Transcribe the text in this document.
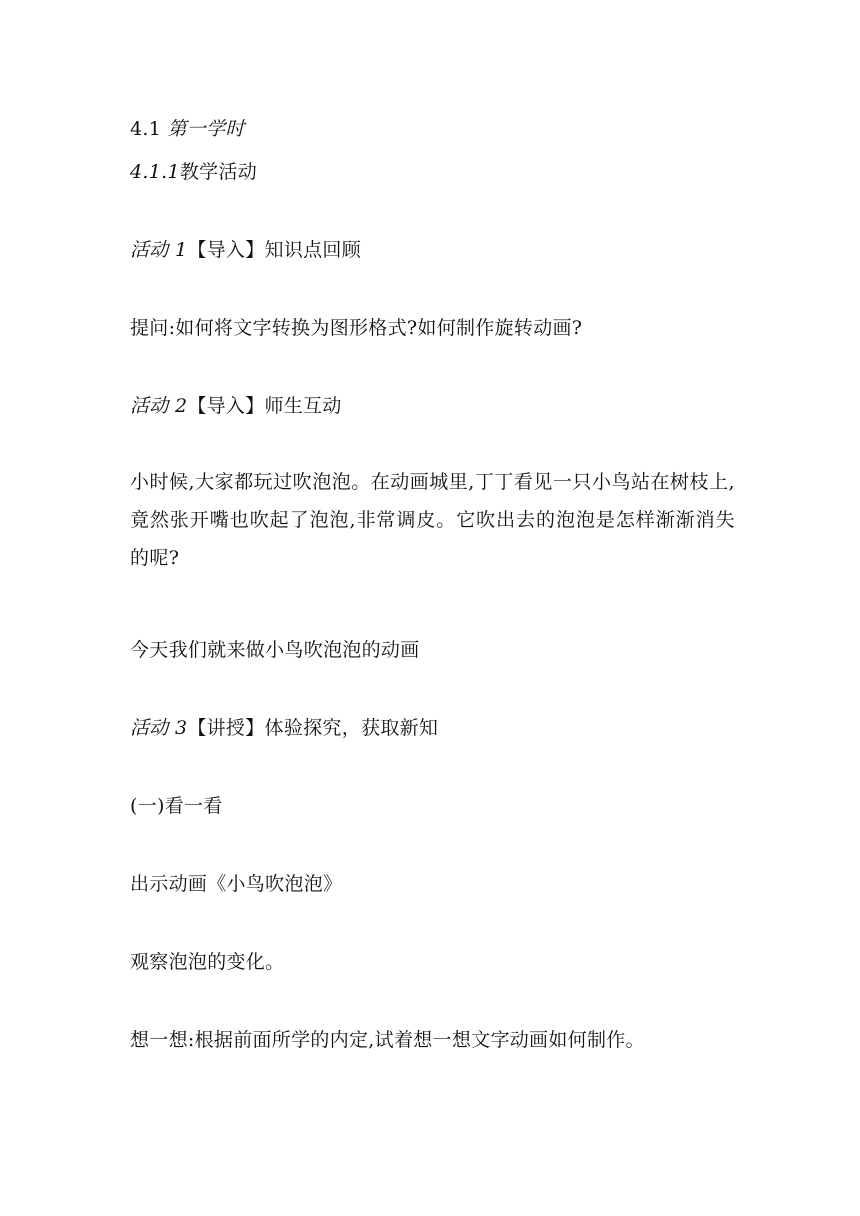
4.1 第一学时
4.1.1教学活动
活动 1【导入】知识点回顾
提问:如何将文字转换为图形格式?如何制作旋转动画?
活动 2【导入】师生互动
小时候,大家都玩过吹泡泡。在动画城里,丁丁看见一只小鸟站在树枝上,竟然张开嘴也吹起了泡泡,非常调皮。它吹出去的泡泡是怎样渐渐消失的呢?
今天我们就来做小鸟吹泡泡的动画
活动 3【讲授】体验探究，获取新知
(一)看一看
出示动画《小鸟吹泡泡》
观察泡泡的变化。
想一想:根据前面所学的内定,试着想一想文字动画如何制作。
